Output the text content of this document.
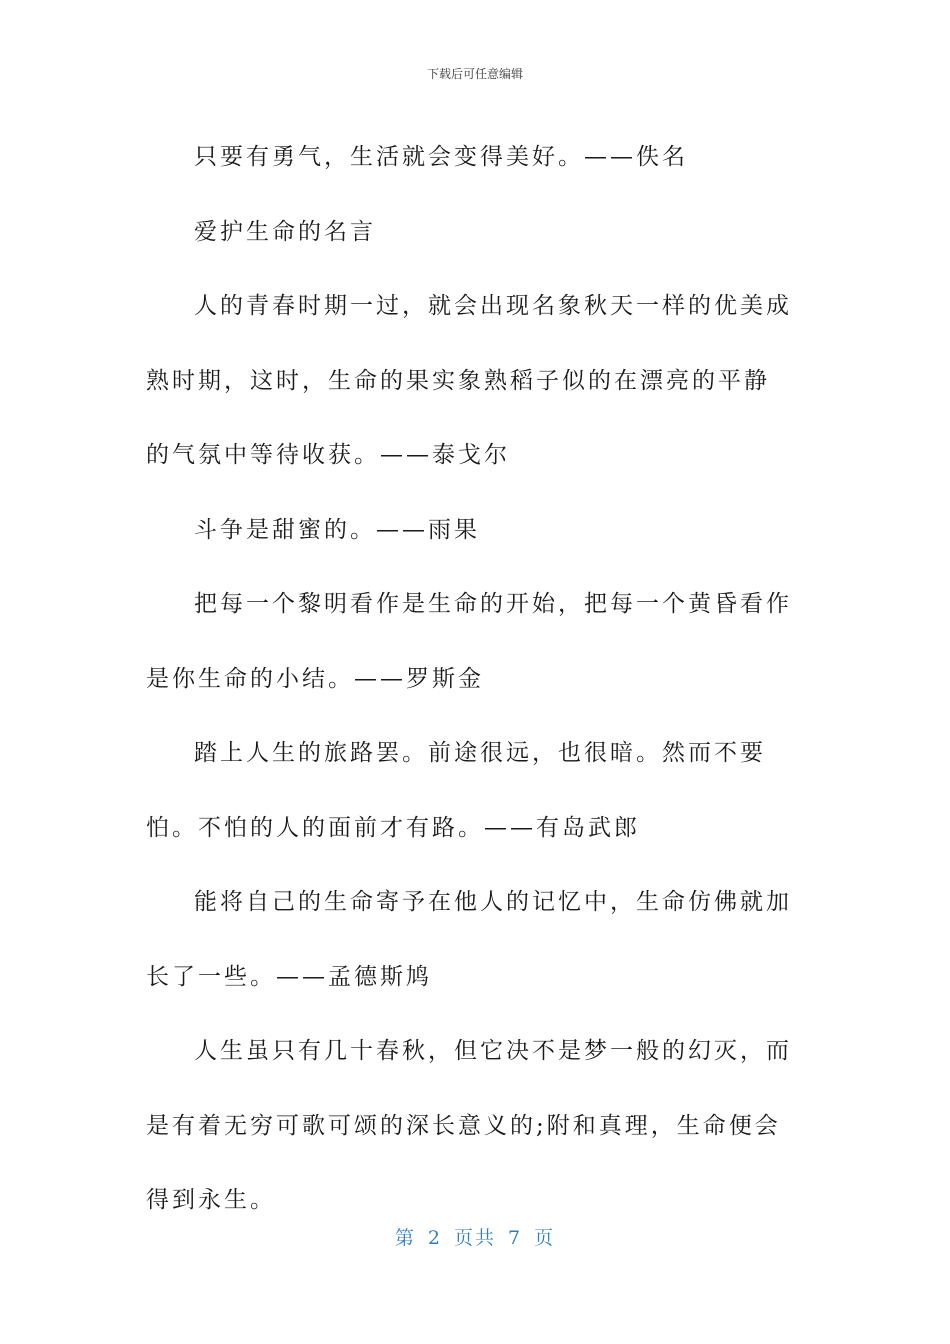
下载后可任意编辑

只要有勇气，生活就会变得美好。——佚名

爱护生命的名言

人的青春时期一过，就会出现名象秋天一样的优美成熟时期，这时，生命的果实象熟稻子似的在漂亮的平静的气氛中等待收获。——泰戈尔

斗争是甜蜜的。——雨果

把每一个黎明看作是生命的开始，把每一个黄昏看作是你生命的小结。——罗斯金

踏上人生的旅路罢。前途很远，也很暗。然而不要怕。不怕的人的面前才有路。——有岛武郎

能将自己的生命寄予在他人的记忆中，生命仿佛就加长了一些。——孟德斯鸠

人生虽只有几十春秋，但它决不是梦一般的幻灭，而是有着无穷可歌可颂的深长意义的;附和真理，生命便会得到永生。

第 2 页共 7 页
